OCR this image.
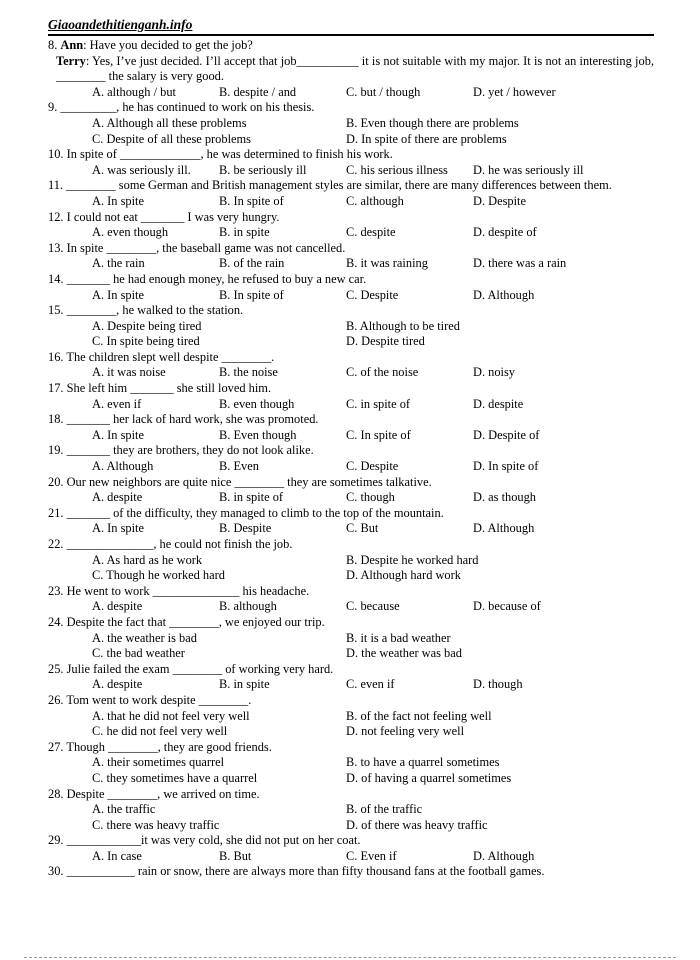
Giaoandethitienganh.info
8. Ann: Have you decided to get the job?
Terry: Yes, I’ve just decided. I’ll accept that job__________ it is not suitable with my major. It is not an interesting job, ________ the salary is very good.
A. although / but	B. despite / and	C. but / though	D. yet / however
9. _________, he has continued to work on his thesis.
A. Although all these problems	B. Even though there are problems
C. Despite of all these problems	D. In spite of there are problems
10. In spite of _____________, he was determined to finish his work.
A. was seriously ill.	B. be seriously ill	C. his serious illness	D. he was seriously ill
11. ________ some German and British management styles are similar, there are many differences between them.
A. In spite	B. In spite of	C. although	D. Despite
12. I could not eat _______ I was very hungry.
A. even though	B. in spite	C. despite	D. despite of
13. In spite ________, the baseball game was not cancelled.
A. the rain	B. of the rain	B. it was raining	D. there was a rain
14. _______ he had enough money, he refused to buy a new car.
A. In spite	B. In spite of	C. Despite	D. Although
15. ________, he walked to the station.
A. Despite being tired	B. Although to be tired
C. In spite being tired	D. Despite tired
16. The children slept well despite ________.
A. it was noise	B. the noise	C. of the noise	D. noisy
17. She left him _______ she still loved him.
A. even if	B. even though	C. in spite of	D. despite
18. _______ her lack of hard work, she was promoted.
A. In spite	B. Even though	C. In spite of	D. Despite of
19. _______ they are brothers, they do not look alike.
A. Although	B. Even	C. Despite	D. In spite of
20. Our new neighbors are quite nice ________ they are sometimes talkative.
A. despite	B. in spite of	C. though	D. as though
21. _______ of the difficulty, they managed to climb to the top of the mountain.
A. In spite	B. Despite	C. But	D. Although
22. ______________, he could not finish the job.
A. As hard as he work	B. Despite he worked hard
C. Though he worked hard	D. Although hard work
23. He went to work ______________ his headache.
A. despite	B. although	C. because	D. because of
24. Despite the fact that ________, we enjoyed our trip.
A. the weather is bad	B. it is a bad weather
C. the bad weather	D. the weather was bad
25. Julie failed the exam ________ of working very hard.
A. despite	B. in spite	C. even if	D. though
26. Tom went to work despite ________.
A. that he did not feel very well	B. of the fact not feeling well
C. he did not feel very well	D. not feeling very well
27. Though ________, they are good friends.
A. their sometimes quarrel	B. to have a quarrel sometimes
C. they sometimes have a quarrel	D. of having a quarrel sometimes
28. Despite ________, we arrived on time.
A. the traffic	B. of the traffic
C. there was heavy traffic	D. of there was heavy traffic
29. ____________it was very cold, she did not put on her coat.
A. In case	B. But	C. Even if	D. Although
30. ___________ rain or snow, there are always more than fifty thousand fans at the football games.
